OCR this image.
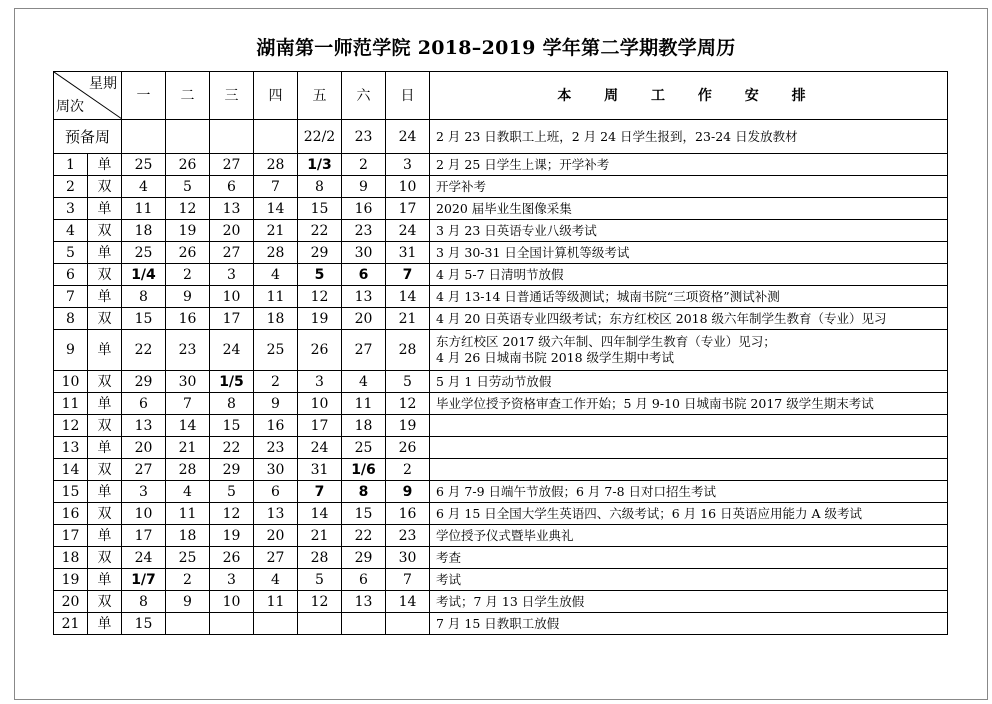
湖南第一师范学院 2018–2019 学年第二学期教学周历
星期
周次		一	二	三	四	五	六	日	本 周 工 作 安 排
预备周						22/2	23	24	2 月 23 日教职工上班，2 月 24 日学生报到，23-24 日发放教材
1	单	25	26	27	28	1/3	2	3	2 月 25 日学生上课；开学补考
2	双	4	5	6	7	8	9	10	开学补考
3	单	11	12	13	14	15	16	17	2020 届毕业生图像采集
4	双	18	19	20	21	22	23	24	3 月 23 日英语专业八级考试
5	单	25	26	27	28	29	30	31	3 月 30-31 日全国计算机等级考试
6	双	1/4	2	3	4	5	6	7	4 月 5-7 日清明节放假
7	单	8	9	10	11	12	13	14	4 月 13-14 日普通话等级测试；城南书院“三项资格”测试补测
8	双	15	16	17	18	19	20	21	4 月 20 日英语专业四级考试；东方红校区 2018 级六年制学生教育（专业）见习
9	单	22	23	24	25	26	27	28	东方红校区 2017 级六年制、四年制学生教育（专业）见习；
4 月 26 日城南书院 2018 级学生期中考试

10	双	29	30	1/5	2	3	4	5	5 月 1 日劳动节放假
11	单	6	7	8	9	10	11	12	毕业学位授予资格审查工作开始；5 月 9-10 日城南书院 2017 级学生期末考试
12	双	13	14	15	16	17	18	19	
13	单	20	21	22	23	24	25	26	
14	双	27	28	29	30	31	1/6	2	
15	单	3	4	5	6	7	8	9	6 月 7-9 日端午节放假；6 月 7-8 日对口招生考试
16	双	10	11	12	13	14	15	16	6 月 15 日全国大学生英语四、六级考试；6 月 16 日英语应用能力 A 级考试
17	单	17	18	19	20	21	22	23	学位授予仪式暨毕业典礼
18	双	24	25	26	27	28	29	30	考查
19	单	1/7	2	3	4	5	6	7	考试
20	双	8	9	10	11	12	13	14	考试；7 月 13 日学生放假
21	单	15							7 月 15 日教职工放假
